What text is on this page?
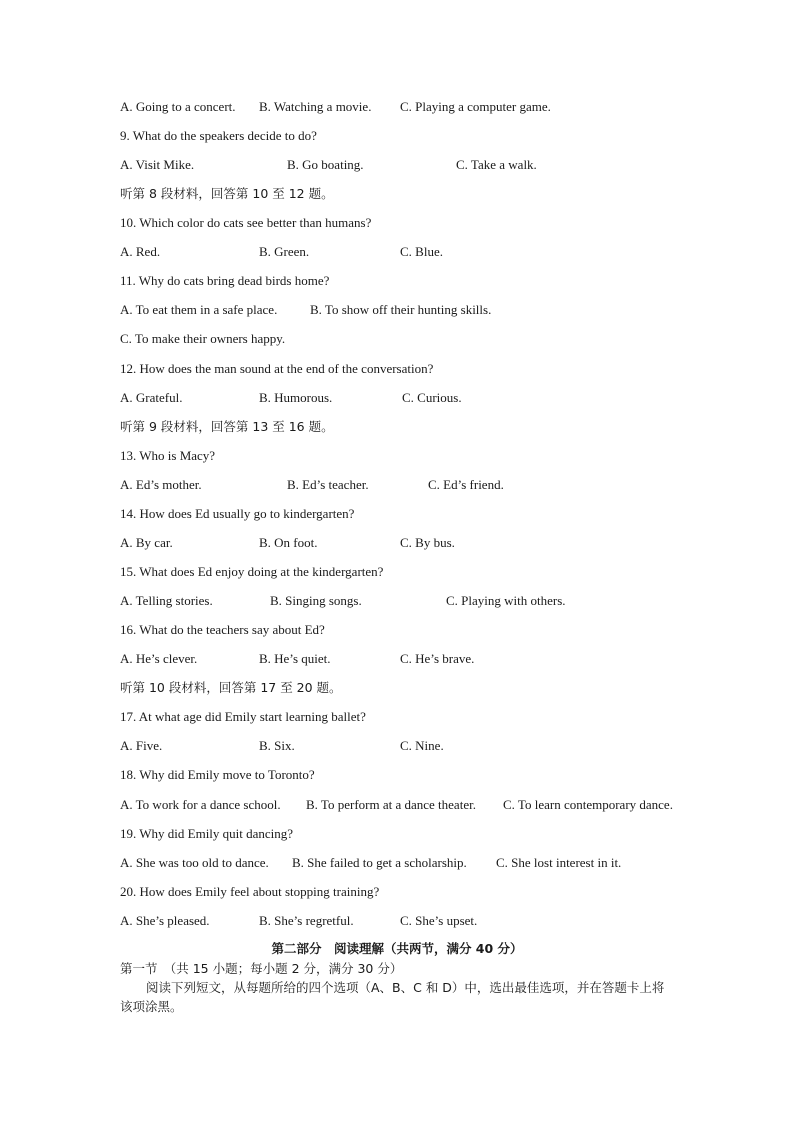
A. Going to a concert. B. Watching a movie. C. Playing a computer game.
9. What do the speakers decide to do?
A. Visit Mike.	B. Go boating.	C. Take a walk.
听第 8 段材料，回答第 10 至 12 题。
10. Which color do cats see better than humans?
A. Red.	B. Green.	C. Blue.
11. Why do cats bring dead birds home?
A. To eat them in a safe place.	B. To show off their hunting skills.
C. To make their owners happy.
12. How does the man sound at the end of the conversation?
A. Grateful.	B. Humorous.	C. Curious.
听第 9 段材料，回答第 13 至 16 题。
13. Who is Macy?
A. Ed’s mother.	B. Ed’s teacher.	C. Ed’s friend.
14. How does Ed usually go to kindergarten?
A. By car.	B. On foot.	C. By bus.
15. What does Ed enjoy doing at the kindergarten?
A. Telling stories.	B. Singing songs.	C. Playing with others.
16. What do the teachers say about Ed?
A. He’s clever.	B. He’s quiet.	C. He’s brave.
听第 10 段材料，回答第 17 至 20 题。
17. At what age did Emily start learning ballet?
A. Five.	B. Six.	C. Nine.
18. Why did Emily move to Toronto?
A. To work for a dance school. B. To perform at a dance theater. C. To learn contemporary dance.
19. Why did Emily quit dancing?
A. She was too old to dance. B. She failed to get a scholarship. C. She lost interest in it.
20. How does Emily feel about stopping training?
A. She’s pleased.	B. She’s regretful.	C. She’s upset.
第二部分　阅读理解（共两节，满分 40 分）
第一节　（共 15 小题；每小题 2 分，满分 30 分）
阅读下列短文，从每题所给的四个选项（A、B、C 和 D）中，选出最佳选项，并在答题卡上将该项涂黑。
